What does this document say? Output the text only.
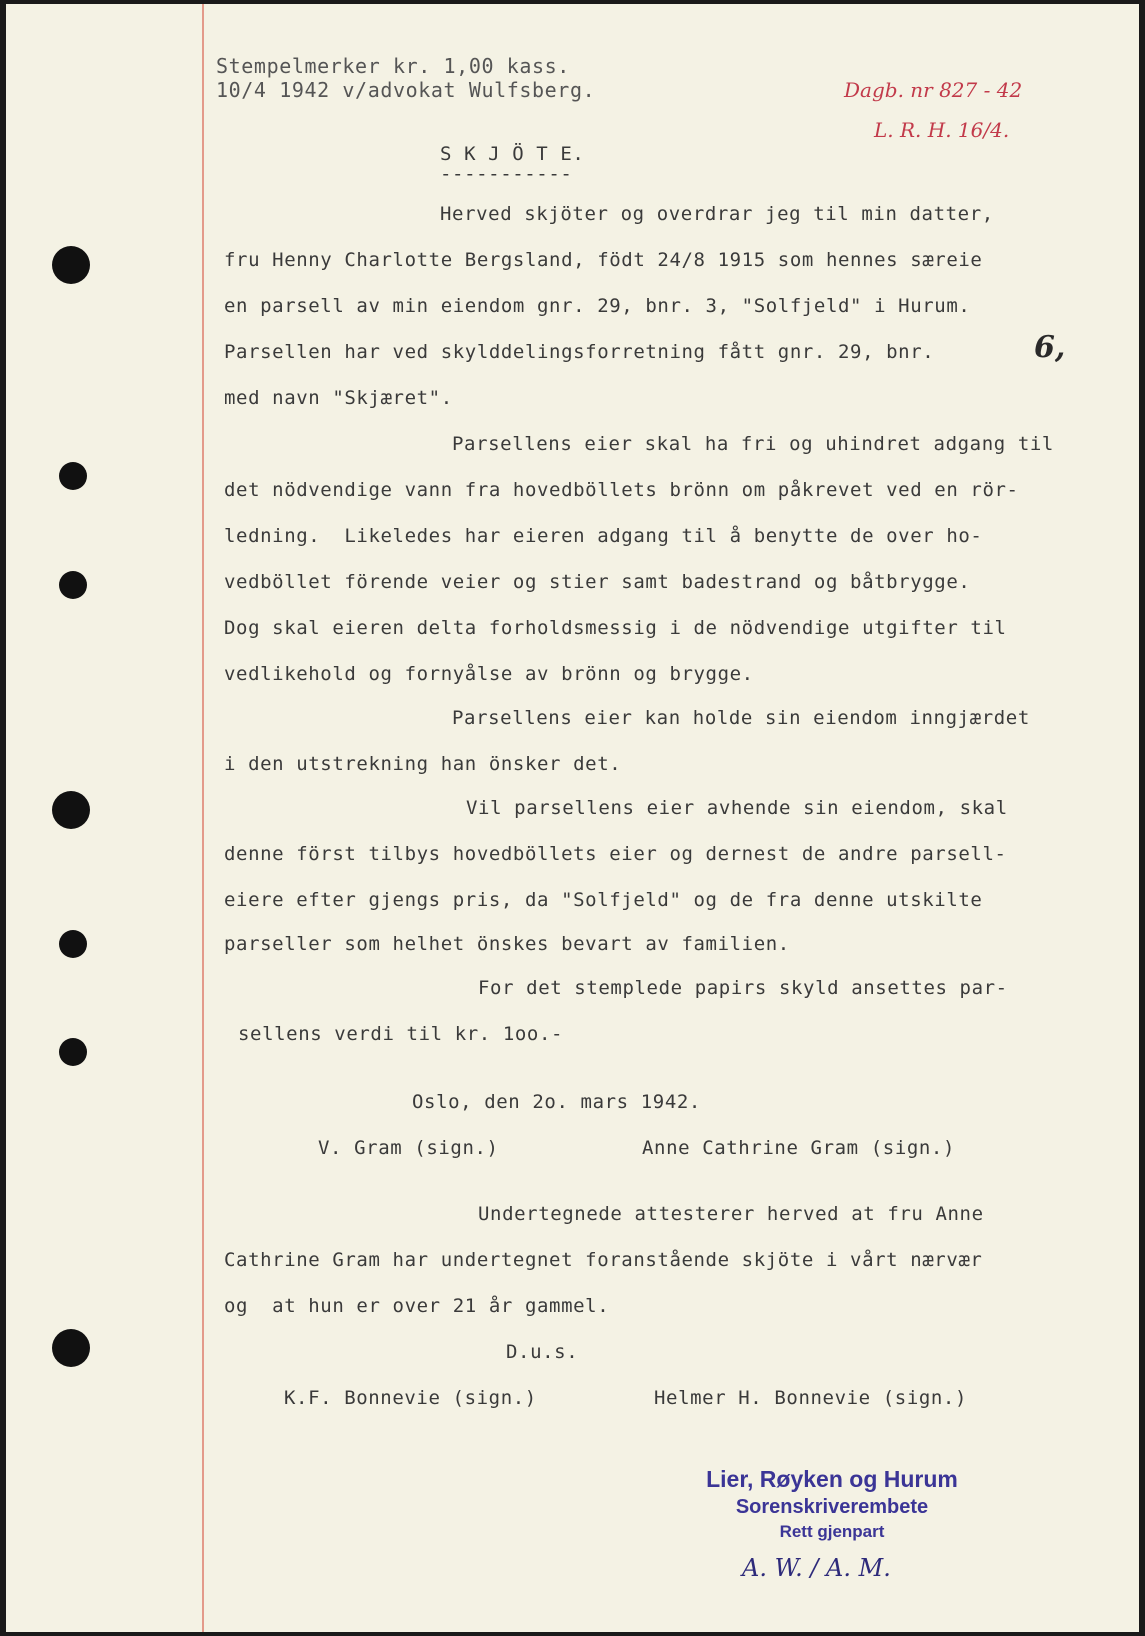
Stempelmerker kr. 1,00 kass.
10/4 1942 v/advokat Wulfsberg.	Dagb. nr 827 - 42
L. R. H. 16/4.
S K J Ö T E.
-----------
Herved skjöter og overdrar jeg til min datter,
fru Henny Charlotte Bergsland, födt 24/8 1915 som hennes særeie
en parsell av min eiendom gnr. 29, bnr. 3, "Solfjeld" i Hurum.
Parsellen har ved skylddelingsforretning fått gnr. 29, bnr.	6,
med navn "Skjæret".
Parsellens eier skal ha fri og uhindret adgang til
det nödvendige vann fra hovedböllets brönn om påkrevet ved en rör-
ledning.  Likeledes har eieren adgang til å benytte de over ho-
vedböllet förende veier og stier samt badestrand og båtbrygge.
Dog skal eieren delta forholdsmessig i de nödvendige utgifter til
vedlikehold og fornyålse av brönn og brygge.
Parsellens eier kan holde sin eiendom inngjærdet
i den utstrekning han önsker det.
Vil parsellens eier avhende sin eiendom, skal
denne först tilbys hovedböllets eier og dernest de andre parsell-
eiere efter gjengs pris, da "Solfjeld" og de fra denne utskilte
parseller som helhet önskes bevart av familien.
For det stemplede papirs skyld ansettes par-
sellens verdi til kr. 1oo.-
Oslo, den 2o. mars 1942.
V. Gram (sign.)	Anne Cathrine Gram (sign.)
Undertegnede attesterer herved at fru Anne
Cathrine Gram har undertegnet foranstående skjöte i vårt nærvær
og  at hun er over 21 år gammel.
D.u.s.
K.F. Bonnevie (sign.)	Helmer H. Bonnevie (sign.)
Lier, Røyken og Hurum
Sorenskriverembete
Rett gjenpart
A. W. / A. M.
